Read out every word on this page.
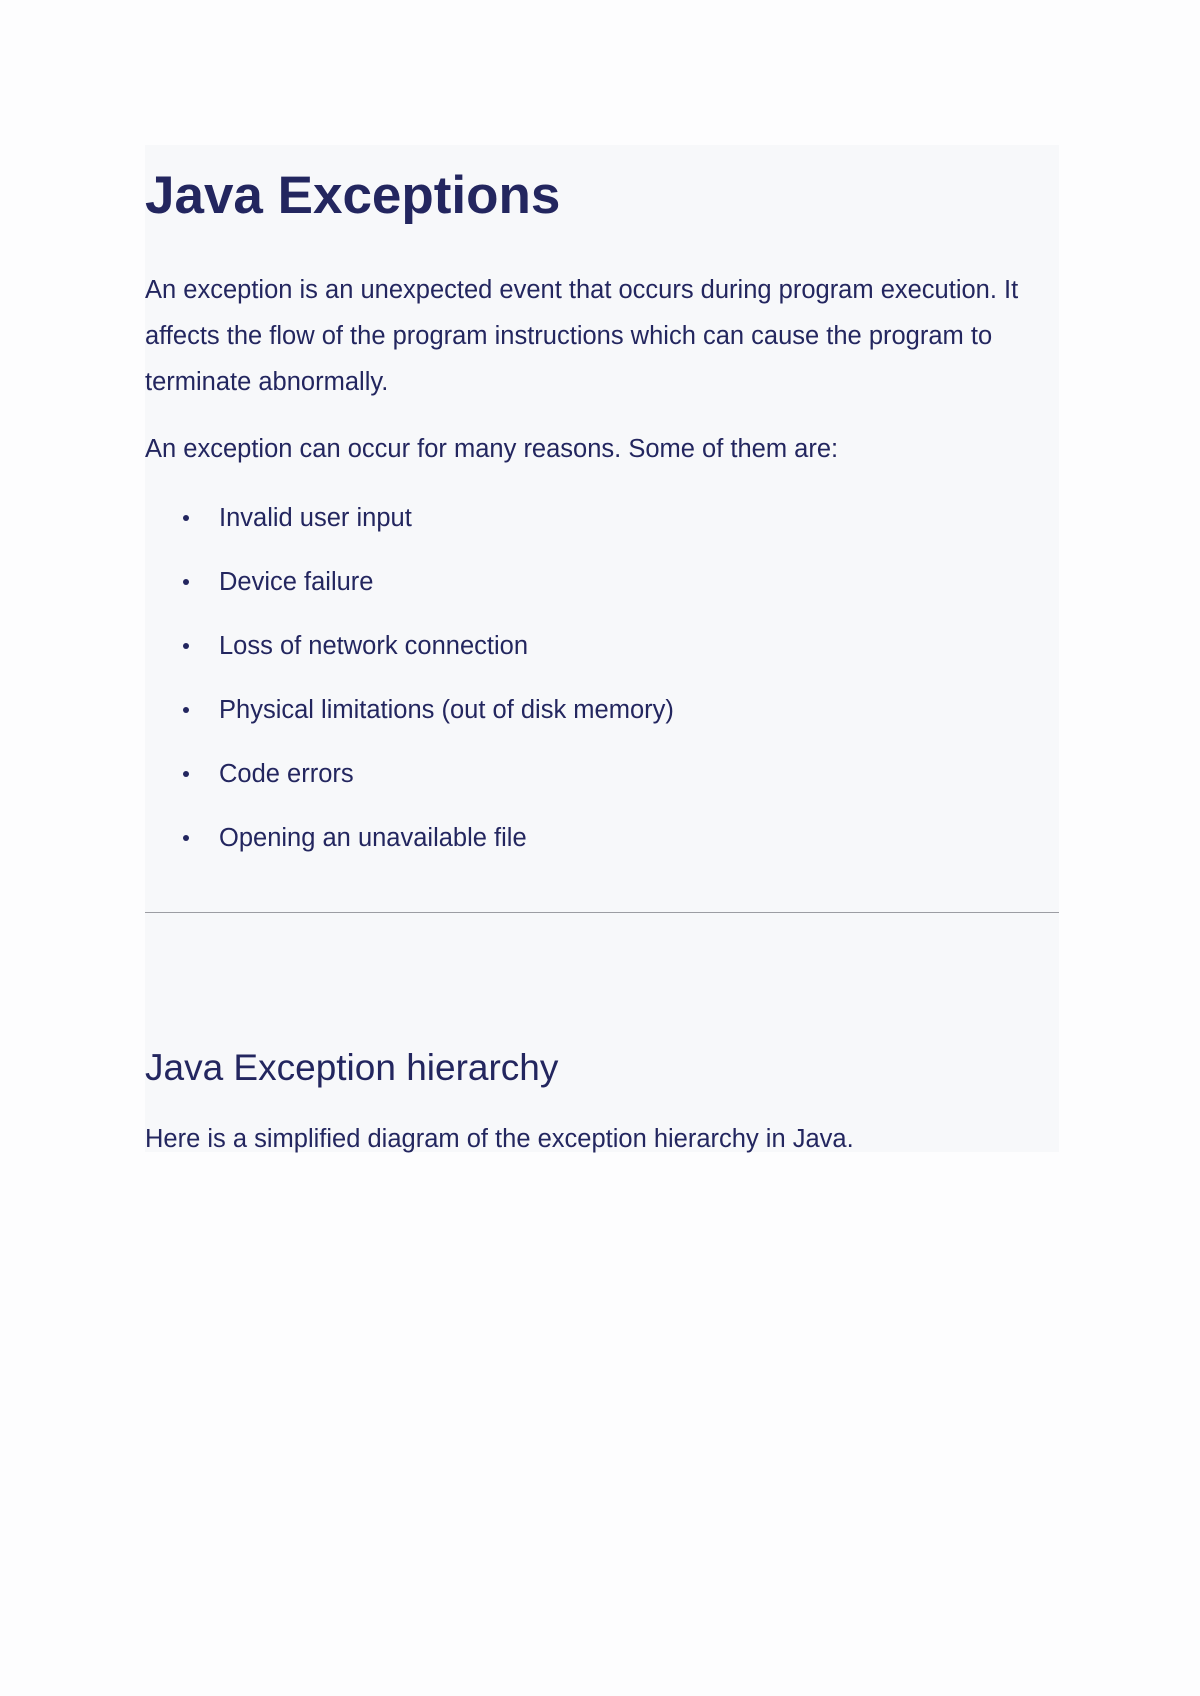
Java Exceptions

An exception is an unexpected event that occurs during program execution. It affects the flow of the program instructions which can cause the program to terminate abnormally.

An exception can occur for many reasons. Some of them are:

Invalid user input
Device failure
Loss of network connection
Physical limitations (out of disk memory)
Code errors
Opening an unavailable file
Java Exception hierarchy

Here is a simplified diagram of the exception hierarchy in Java.
